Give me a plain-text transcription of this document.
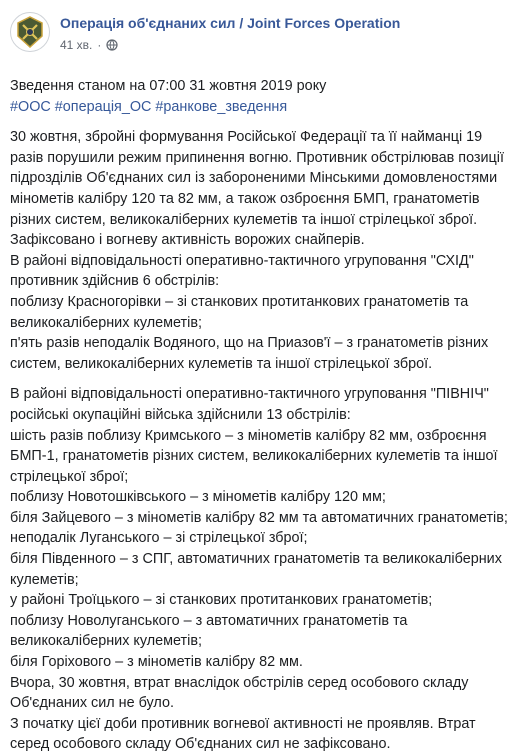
Операція об'єднаних сил / Joint Forces Operation
41 хв. ·

Зведення станом на 07:00 31 жовтня 2019 року

#ООС #операція_ОС #ранкове_зведення

30 жовтня, збройні формування Російської Федерації та її найманці 19

разів порушили режим припинення вогню. Противник обстрілював позиції

підрозділів Об'єднаних сил із забороненими Мінськими домовленостями

мінометів калібру 120 та 82 мм, а також озброєння БМП, гранатометів

різних систем, великокаліберних кулеметів та іншої стрілецької зброї.

Зафіксовано і вогневу активність ворожих снайперів.

В районі відповідальності оперативно-тактичного угруповання "СХІД"

противник здійснив 6 обстрілів:

поблизу Красногорівки – зі станкових протитанкових гранатометів та

великокаліберних кулеметів;

п'ять разів неподалік Водяного, що на Приазов'ї – з гранатометів різних

систем, великокаліберних кулеметів та іншої стрілецької зброї.

В районі відповідальності оперативно-тактичного угруповання "ПІВНІЧ"

російські окупаційні війська здійснили 13 обстрілів:

шість разів поблизу Кримського – з мінометів калібру 82 мм, озброєння

БМП-1, гранатометів різних систем, великокаліберних кулеметів та іншої

стрілецької зброї;

поблизу Новотошківського – з мінометів калібру 120 мм;

біля Зайцевого – з мінометів калібру 82 мм та автоматичних гранатометів;

неподалік Луганського – зі стрілецької зброї;

біля Південного – з СПГ, автоматичних гранатометів та великокаліберних

кулеметів;

у районі Троїцького – зі станкових протитанкових гранатометів;

поблизу Новолуганського – з автоматичних гранатометів та

великокаліберних кулеметів;

біля Горіхового – з мінометів калібру 82 мм.

Вчора, 30 жовтня, втрат внаслідок обстрілів серед особового складу

Об'єднаних сил не було.

З початку цієї доби противник вогневої активності не проявляв. Втрат

серед особового складу Об'єднаних сил не зафіксовано.
